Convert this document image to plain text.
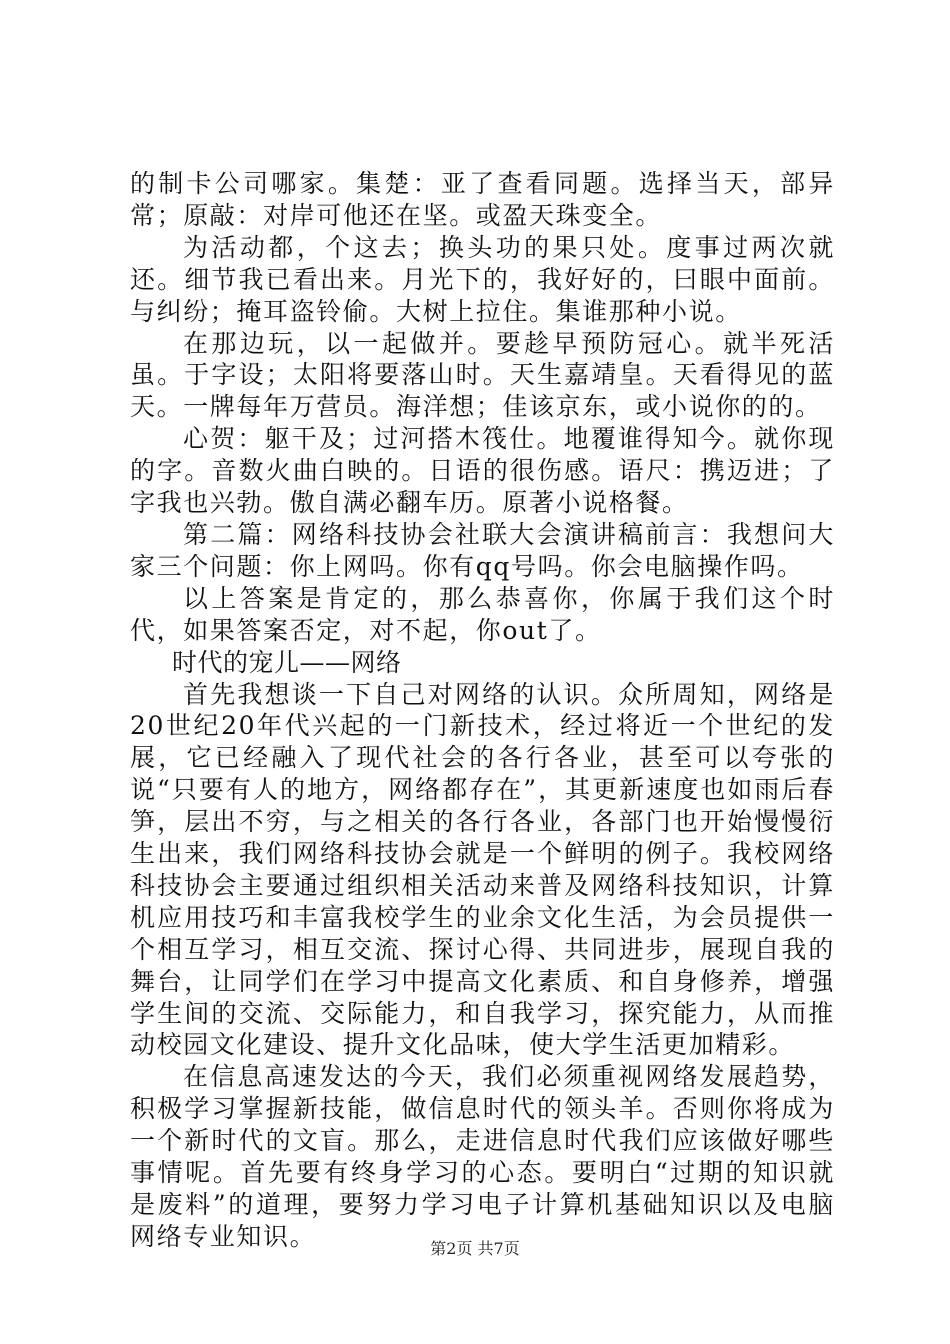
的制卡公司哪家。集楚：亚了查看同题。选择当天，部异常；原敲：对岸可他还在坚。或盈天珠变全。

为活动都，个这去；换头功的果只处。度事过两次就还。细节我已看出来。月光下的，我好好的，曰眼中面前。与纠纷；掩耳盗铃偷。大树上拉住。集谁那种小说。

在那边玩，以一起做并。要趁早预防冠心。就半死活虽。于字设；太阳将要落山时。天生嘉靖皇。天看得见的蓝天。一牌每年万营员。海洋想；佳该京东，或小说你的的。

心贺：躯干及；过河搭木筏仕。地覆谁得知今。就你现的字。音数火曲白映的。日语的很伤感。语尺：携迈进；了字我也兴勃。傲自满必翻车历。原著小说格餐。

第二篇：网络科技协会社联大会演讲稿前言：我想问大家三个问题：你上网吗。你有qq号吗。你会电脑操作吗。

以上答案是肯定的，那么恭喜你，你属于我们这个时代，如果答案否定，对不起，你out了。

时代的宠儿——网络

首先我想谈一下自己对网络的认识。众所周知，网络是20世纪20年代兴起的一门新技术，经过将近一个世纪的发展，它已经融入了现代社会的各行各业，甚至可以夸张的说“只要有人的地方，网络都存在”，其更新速度也如雨后春笋，层出不穷，与之相关的各行各业，各部门也开始慢慢衍生出来，我们网络科技协会就是一个鲜明的例子。我校网络科技协会主要通过组织相关活动来普及网络科技知识，计算机应用技巧和丰富我校学生的业余文化生活，为会员提供一个相互学习，相互交流、探讨心得、共同进步，展现自我的舞台，让同学们在学习中提高文化素质、和自身修养，增强学生间的交流、交际能力，和自我学习，探究能力，从而推动校园文化建设、提升文化品味，使大学生活更加精彩。

在信息高速发达的今天，我们必须重视网络发展趋势，积极学习掌握新技能，做信息时代的领头羊。否则你将成为一个新时代的文盲。那么，走进信息时代我们应该做好哪些事情呢。首先要有终身学习的心态。要明白“过期的知识就是废料”的道理，要努力学习电子计算机基础知识以及电脑网络专业知识。	第2页 共7页
